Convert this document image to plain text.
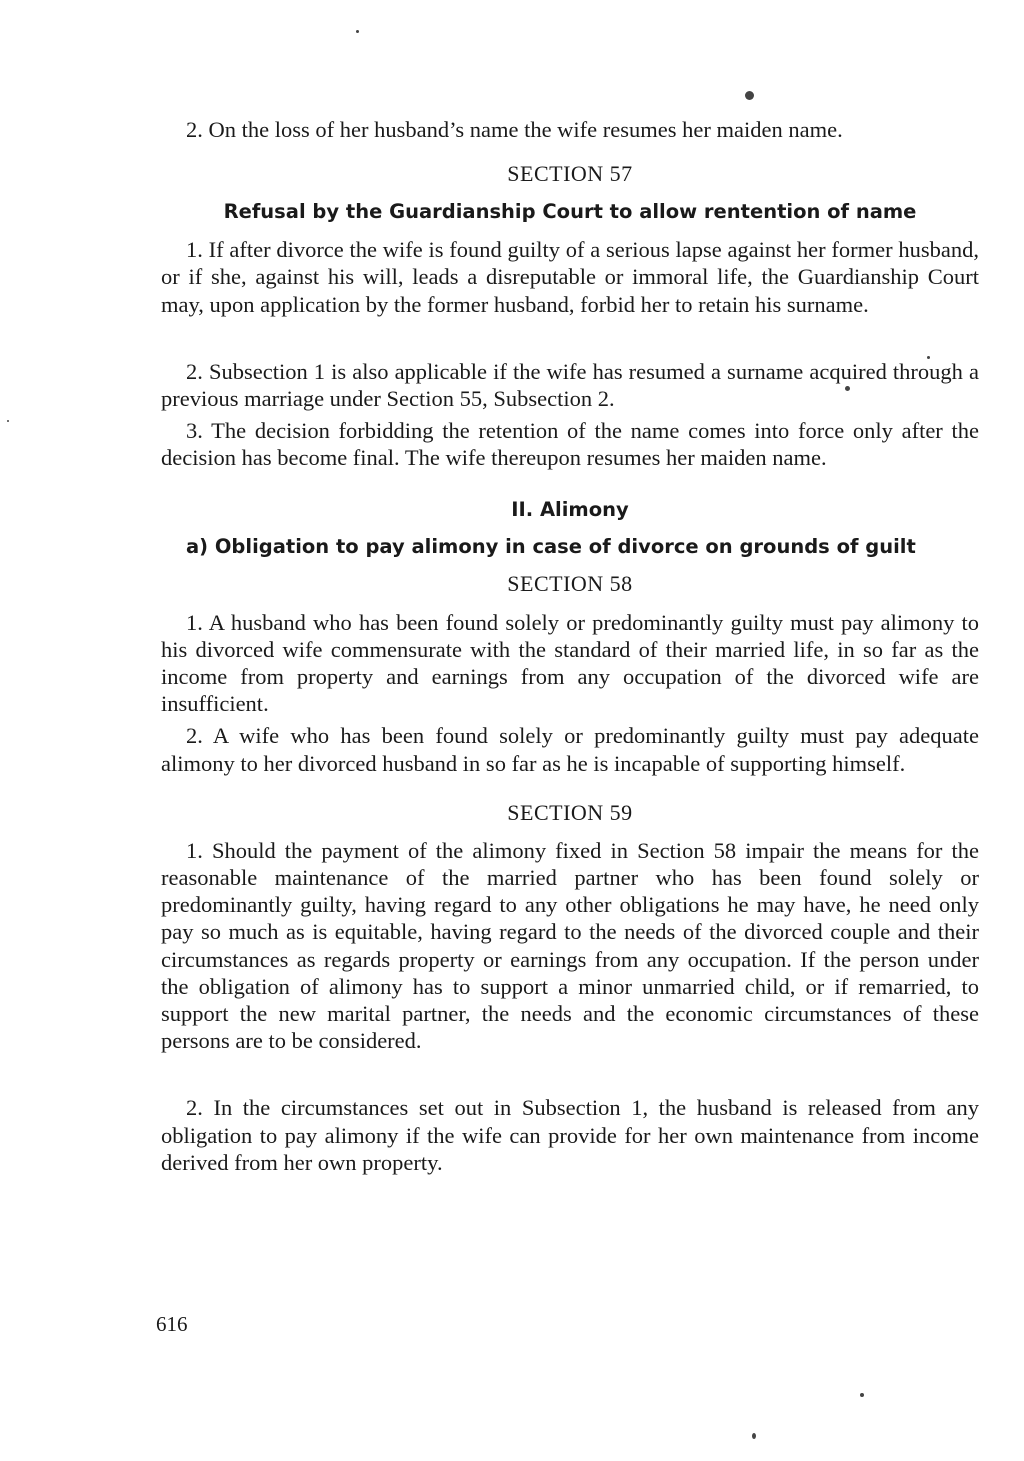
2. On the loss of her husband’s name the wife resumes her maiden name.

SECTION 57

Refusal by the Guardianship Court to allow rentention of name

1. If after divorce the wife is found guilty of a serious lapse against her former husband, or if she, against his will, leads a disreputable or immoral life, the Guardianship Court may, upon application by the former husband, forbid her to retain his surname.

2. Subsection 1 is also applicable if the wife has resumed a surname acquired through a previous marriage under Section 55, Subsection 2.

3. The decision forbidding the retention of the name comes into force only after the decision has become final. The wife thereupon resumes her maiden name.

II. Alimony

a) Obligation to pay alimony in case of divorce on grounds of guilt

SECTION 58

1. A husband who has been found solely or predominantly guilty must pay alimony to his divorced wife commensurate with the standard of their married life, in so far as the income from property and earnings from any occupation of the divorced wife are insufficient.

2. A wife who has been found solely or predominantly guilty must pay adequate alimony to her divorced husband in so far as he is incapable of supporting himself.

SECTION 59

1. Should the payment of the alimony fixed in Section 58 impair the means for the reasonable maintenance of the married partner who has been found solely or predominantly guilty, having regard to any other obligations he may have, he need only pay so much as is equitable, having regard to the needs of the divorced couple and their circumstances as regards property or earnings from any occupation. If the person under the obligation of alimony has to support a minor unmarried child, or if remarried, to support the new marital partner, the needs and the economic circumstances of these persons are to be considered.

2. In the circumstances set out in Subsection 1, the husband is released from any obligation to pay alimony if the wife can provide for her own maintenance from income derived from her own property.

616
